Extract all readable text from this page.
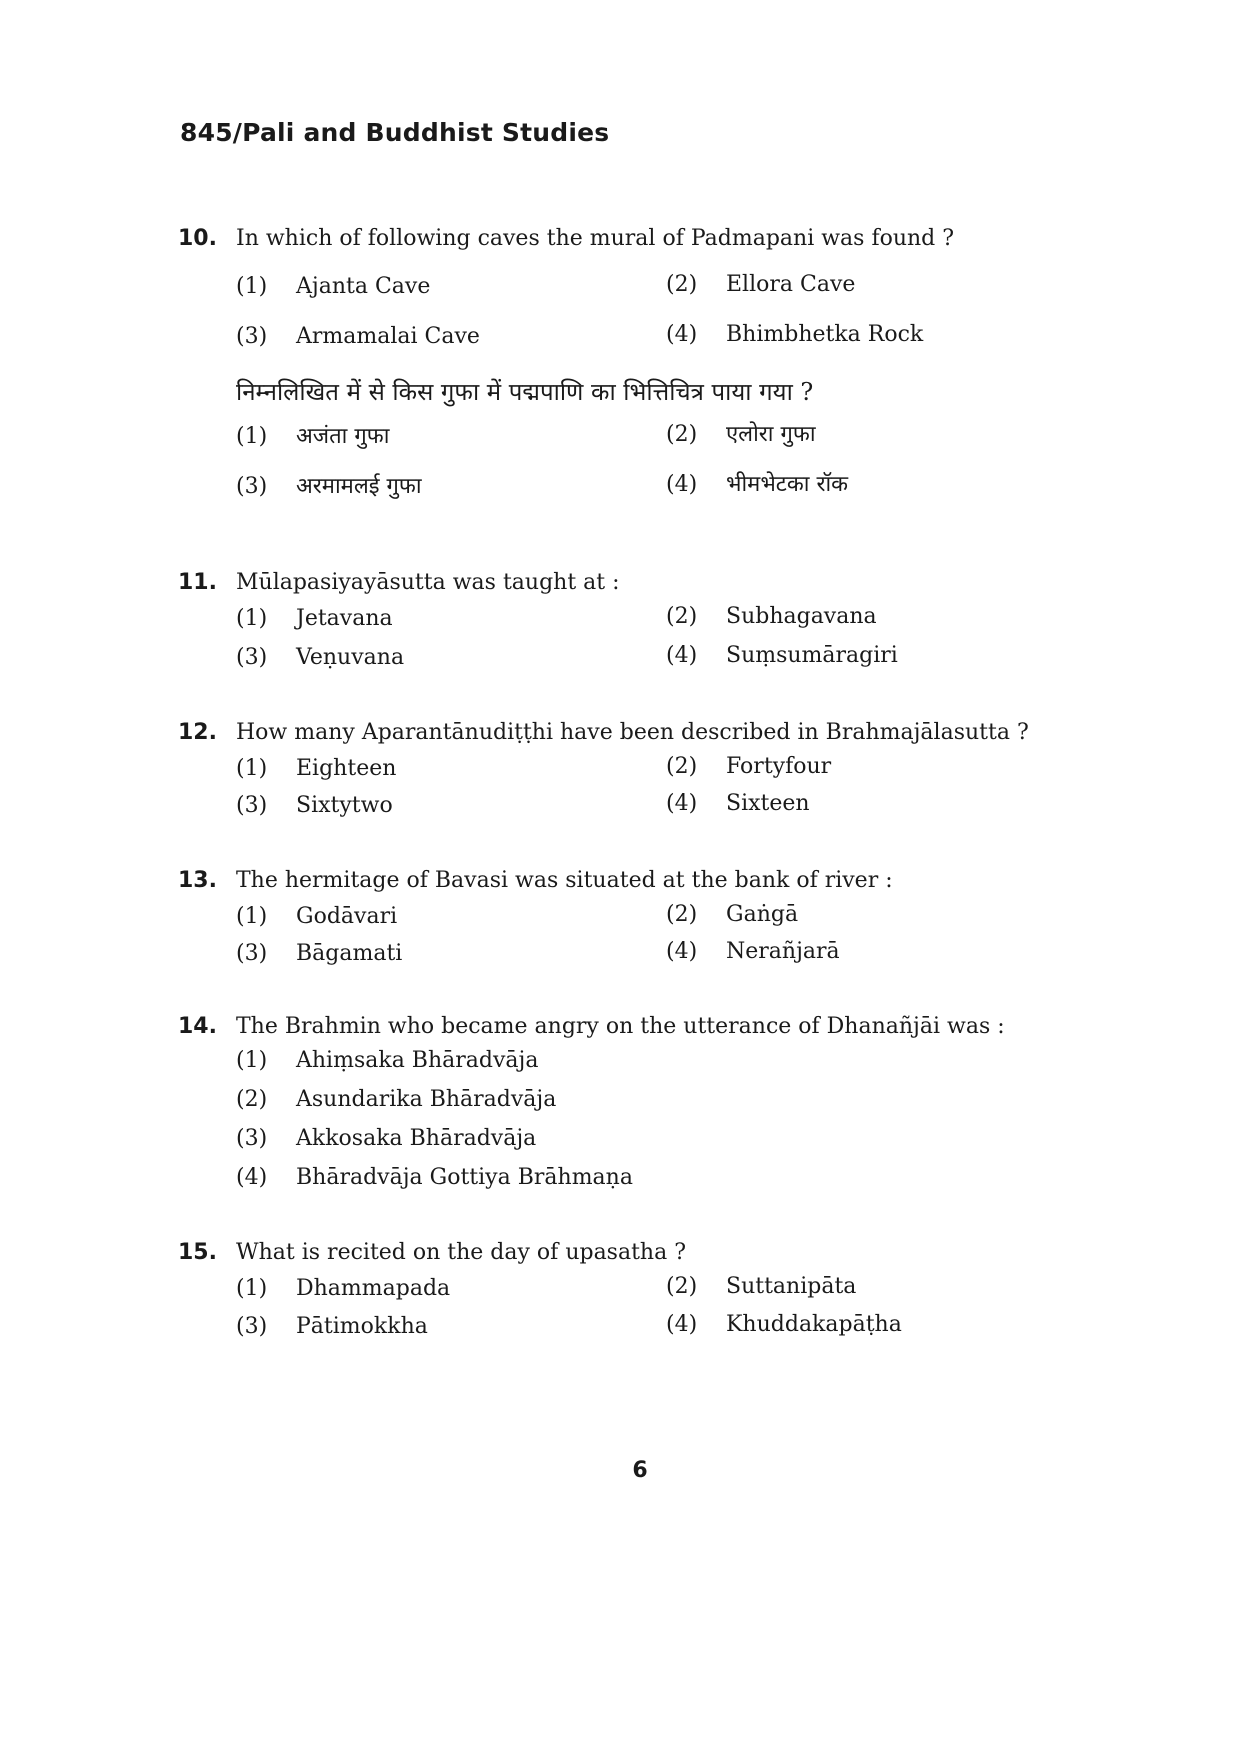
845/Pali and Buddhist Studies
10. In which of following caves the mural of Padmapani was found ?
(1) Ajanta Cave	(2) Ellora Cave
(3) Armamalai Cave	(4) Bhimbhetka Rock
निम्नलिखित में से किस गुफा में पद्मपाणि का भित्तिचित्र पाया गया ?
(1) अजंता गुफा	(2) एलोरा गुफा
(3) अरमामलई गुफा	(4) भीमभेटका रॉक
11. Mūlapasiyayāsutta was taught at :
(1) Jetavana	(2) Subhagavana
(3) Veṇuvana	(4) Suṃsumāragiri
12. How many Aparantānudiṭṭhi have been described in Brahmajālasutta ?
(1) Eighteen	(2) Fortyfour
(3) Sixtytwo	(4) Sixteen
13. The hermitage of Bavasi was situated at the bank of river :
(1) Godāvari	(2) Gaṅgā
(3) Bāgamati	(4) Nerañjarā
14. The Brahmin who became angry on the utterance of Dhanañjāi was :
(1) Ahiṃsaka Bhāradvāja
(2) Asundarika Bhāradvāja
(3) Akkosaka Bhāradvāja
(4) Bhāradvāja Gottiya Brāhmaṇa
15. What is recited on the day of upasatha ?
(1) Dhammapada	(2) Suttanipāta
(3) Pātimokkha	(4) Khuddakapāṭha
6
